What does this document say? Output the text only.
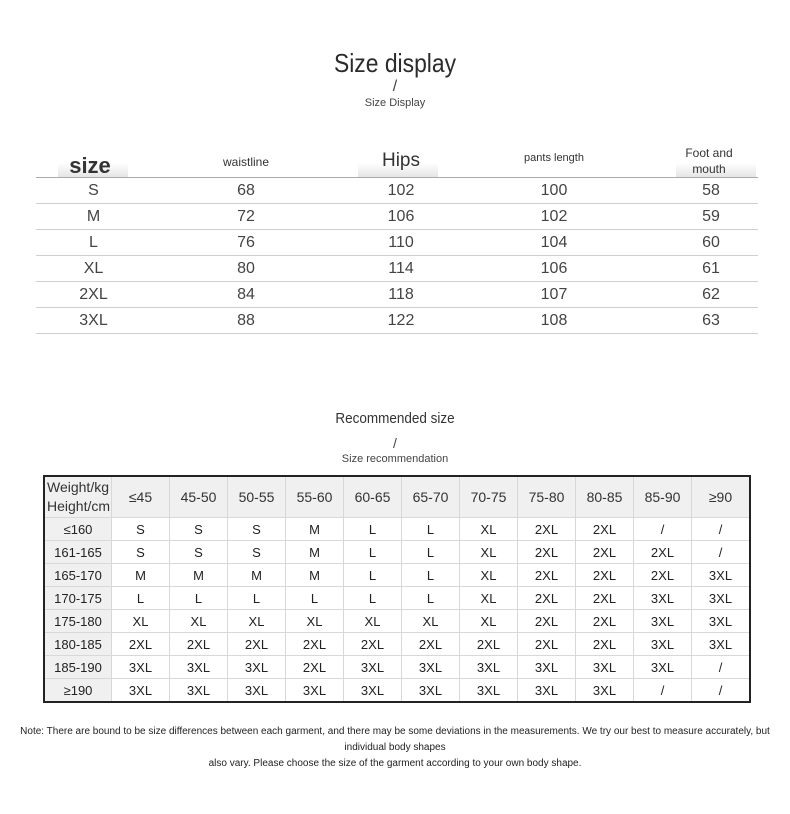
Size display
/
Size Display
size	waistline	Hips	pants length	Foot and mouth
S	68	102	100	58
M	72	106	102	59
L	76	110	104	60
XL	80	114	106	61
2XL	84	118	107	62
3XL	88	122	108	63
Recommended size
/
Size recommendation
Weight/kg
Height/cm	≤45	45-50	50-55	55-60	60-65	65-70	70-75	75-80	80-85	85-90	≥90
≤160	S	S	S	M	L	L	XL	2XL	2XL	/	/
161-165	S	S	S	M	L	L	XL	2XL	2XL	2XL	/
165-170	M	M	M	M	L	L	XL	2XL	2XL	2XL	3XL
170-175	L	L	L	L	L	L	XL	2XL	2XL	3XL	3XL
175-180	XL	XL	XL	XL	XL	XL	XL	2XL	2XL	3XL	3XL
180-185	2XL	2XL	2XL	2XL	2XL	2XL	2XL	2XL	2XL	3XL	3XL
185-190	3XL	3XL	3XL	2XL	3XL	3XL	3XL	3XL	3XL	3XL	/
≥190	3XL	3XL	3XL	3XL	3XL	3XL	3XL	3XL	3XL	/	/
Note: There are bound to be size differences between each garment, and there may be some deviations in the measurements. We try our best to measure accurately, but individual body shapes
also vary. Please choose the size of the garment according to your own body shape.
